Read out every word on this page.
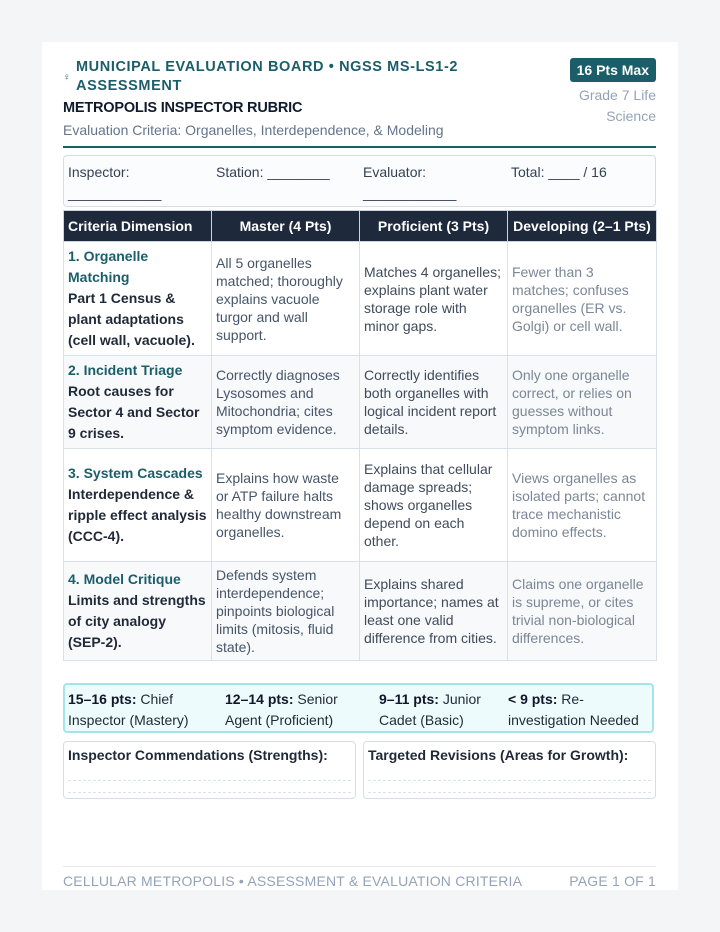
♀
MUNICIPAL EVALUATION BOARD • NGSS MS-LS1-2 ASSESSMENT
METROPOLIS INSPECTOR RUBRIC
Evaluation Criteria: Organelles, Interdependence, & Modeling
16 Pts Max
Grade 7 Life Science
Inspector: ____________
Station: ________	Evaluator: ____________
Total: ____ / 16
Criteria Dimension	Master (4 Pts)	Proficient (3 Pts)	Developing (2–1 Pts)

1. Organelle Matching
Part 1 Census & plant adaptations (cell wall, vacuole).	All 5 organelles matched; thoroughly explains vacuole turgor and wall support.	Matches 4 organelles; explains plant water storage role with minor gaps.	Fewer than 3 matches; confuses organelles (ER vs. Golgi) or cell wall.

2. Incident Triage
Root causes for Sector 4 and Sector 9 crises.	Correctly diagnoses Lysosomes and Mitochondria; cites symptom evidence.	Correctly identifies both organelles with logical incident report details.	Only one organelle correct, or relies on guesses without symptom links.

3. System Cascades
Interdependence & ripple effect analysis (CCC-4).	Explains how waste or ATP failure halts healthy downstream organelles.	Explains that cellular damage spreads; shows organelles depend on each other.	Views organelles as isolated parts; cannot trace mechanistic domino effects.

4. Model Critique
Limits and strengths of city analogy (SEP-2).	Defends system interdependence; pinpoints biological limits (mitosis, fluid state).	Explains shared importance; names at least one valid difference from cities.	Claims one organelle is supreme, or cites trivial non-biological differences.
15–16 pts: Chief Inspector (Mastery)
12–14 pts: Senior Agent (Proficient)
9–11 pts: Junior Cadet (Basic)
< 9 pts: Re-investigation Needed
Inspector Commendations (Strengths):	Targeted Revisions (Areas for Growth):
CELLULAR METROPOLIS • ASSESSMENT & EVALUATION CRITERIA	PAGE 1 OF 1
